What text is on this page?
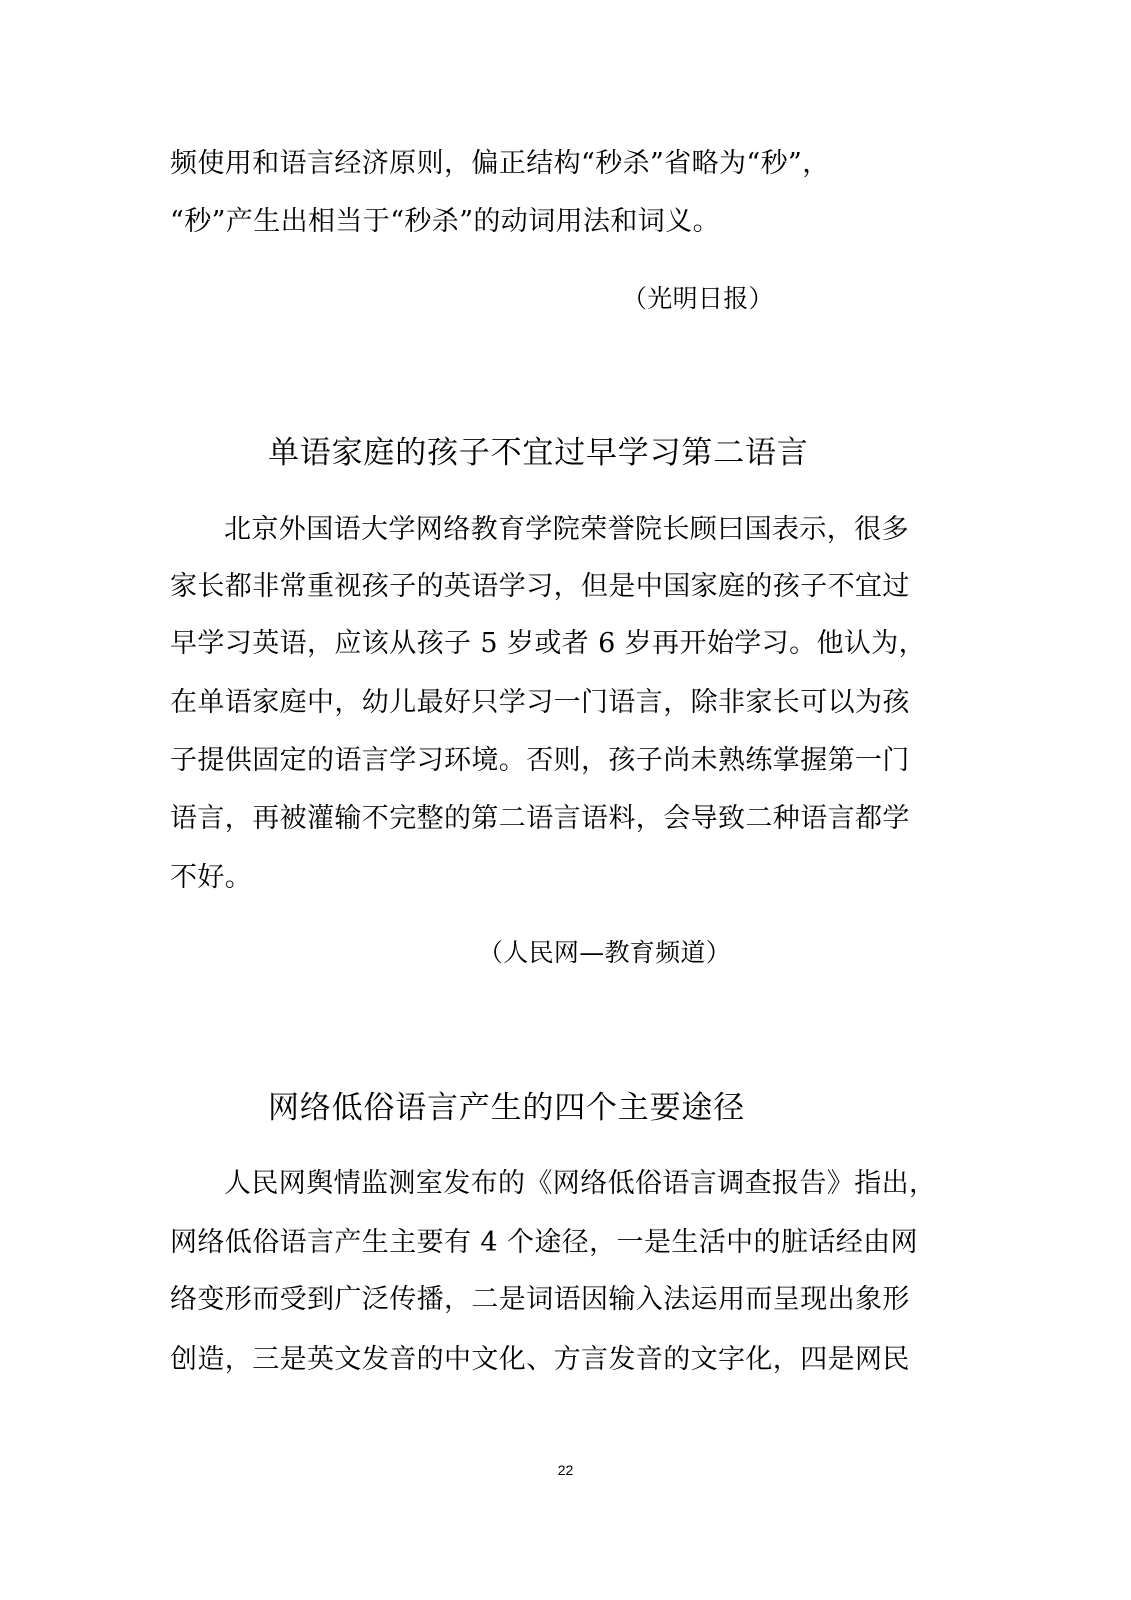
频使用和语言经济原则，偏正结构“秒杀”省略为“秒”，
“秒”产生出相当于“秒杀”的动词用法和词义。
（光明日报）
单语家庭的孩子不宜过早学习第二语言
北京外国语大学网络教育学院荣誉院长顾曰国表示，很多
家长都非常重视孩子的英语学习，但是中国家庭的孩子不宜过
早学习英语，应该从孩子 5 岁或者 6 岁再开始学习。他认为，
在单语家庭中，幼儿最好只学习一门语言，除非家长可以为孩
子提供固定的语言学习环境。否则，孩子尚未熟练掌握第一门
语言，再被灌输不完整的第二语言语料，会导致二种语言都学
不好。
（人民网—教育频道）
网络低俗语言产生的四个主要途径
人民网舆情监测室发布的《网络低俗语言调查报告》指出，
网络低俗语言产生主要有 4 个途径，一是生活中的脏话经由网
络变形而受到广泛传播，二是词语因输入法运用而呈现出象形
创造，三是英文发音的中文化、方言发音的文字化，四是网民
22
